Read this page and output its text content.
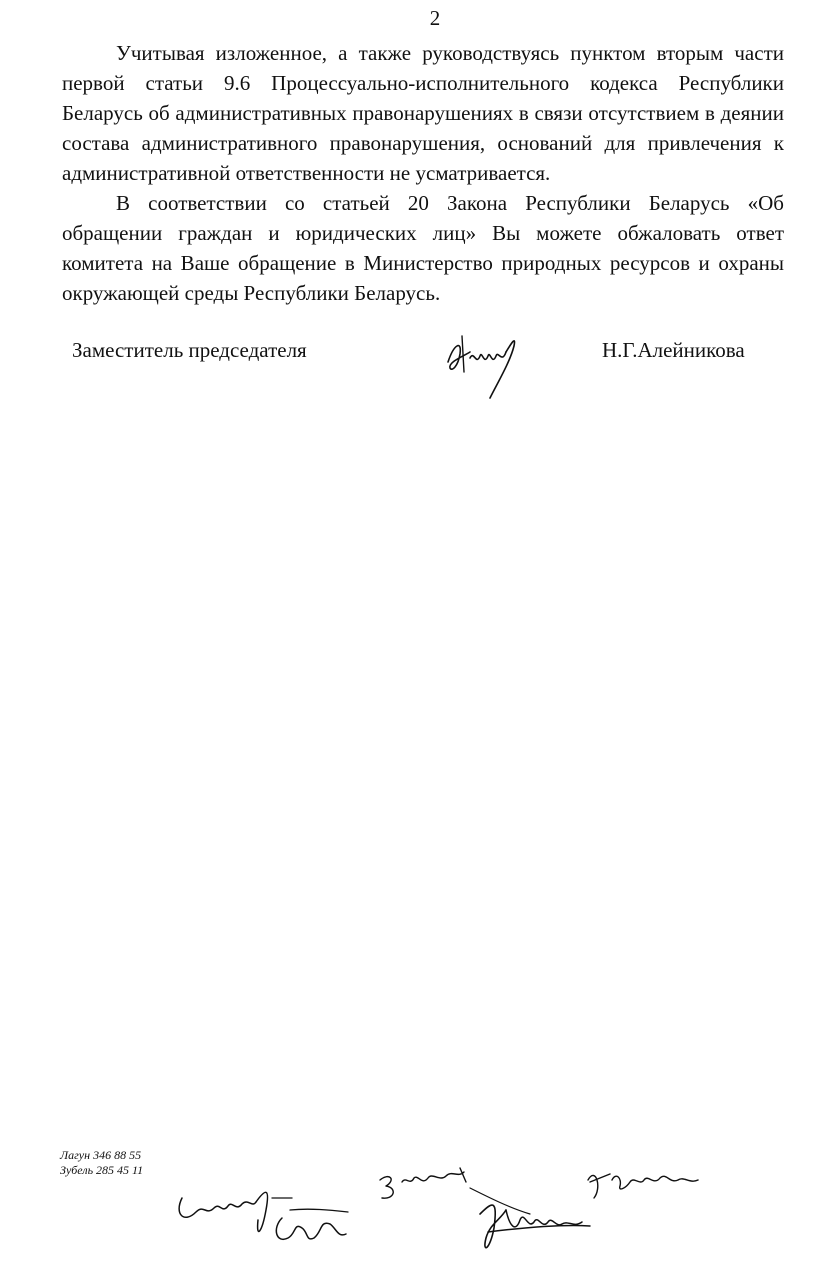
2

Учитывая изложенное, а также руководствуясь пунктом вторым части первой статьи 9.6 Процессуально-исполнительного кодекса Республики Беларусь об административных правонарушениях в связи отсутствием в деянии состава административного правонарушения, оснований для привлечения к административной ответственности не усматривается.

В соответствии со статьей 20 Закона Республики Беларусь «Об обращении граждан и юридических лиц» Вы можете обжаловать ответ комитета на Ваше обращение в Министерство природных ресурсов и охраны окружающей среды Республики Беларусь.

Заместитель председателя	Н.Г.Алейникова
Лагун 346 88 55
Зубель 285 45 11
